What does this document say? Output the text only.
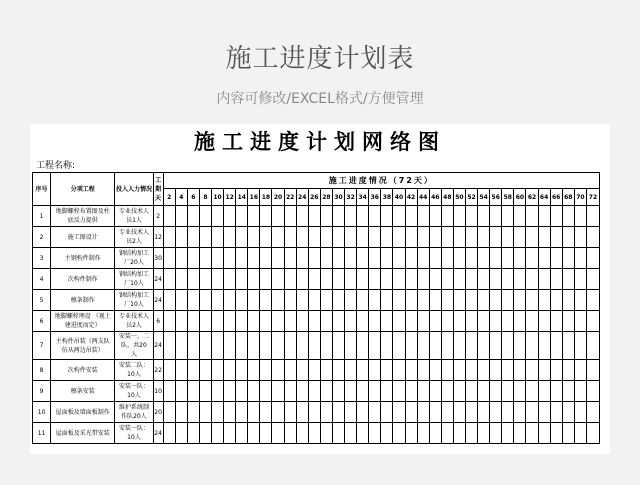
施工进度计划表
内容可修改/EXCEL格式/方便管理
施工进度计划网络图
工程名称:
序号	分项工程	投入人力情况	工期天	施工进度情况（72天）																																			
				2	4	6	8	10	12	14	16	18	20	22	24	26	28	30	32	34	36	38	40	42	44	46	48	50	52	54	56	58	60	62	64	66	68	70	72
1	地脚螺栓布置图及柱底反力提供	专业技术人员1人	2																																				
2	施工图设计	专业技术人员2人	12																																				
3	主钢构件制作	钢结构加工厂20人	30																																				
4	次构件制作	钢结构加工厂10人	24																																				
5	檩条制作	钢结构加工厂10人	24																																				
6	地脚螺栓埋设 （视土建进度而定）	专业技术人员2人	6																																				
7	主构件吊装（两支队伍从两边吊装）	安装一、二队，共20人	24																																				
8	次构件安装	安装二队：10人	22																																				
9	檩条安装	安装一队：10人	10																																				
10	屋面板及墙面板制作	维护系统制作队20人	20																																				
11	屋面板及采光带安装	安装一队：10人	24																																				
